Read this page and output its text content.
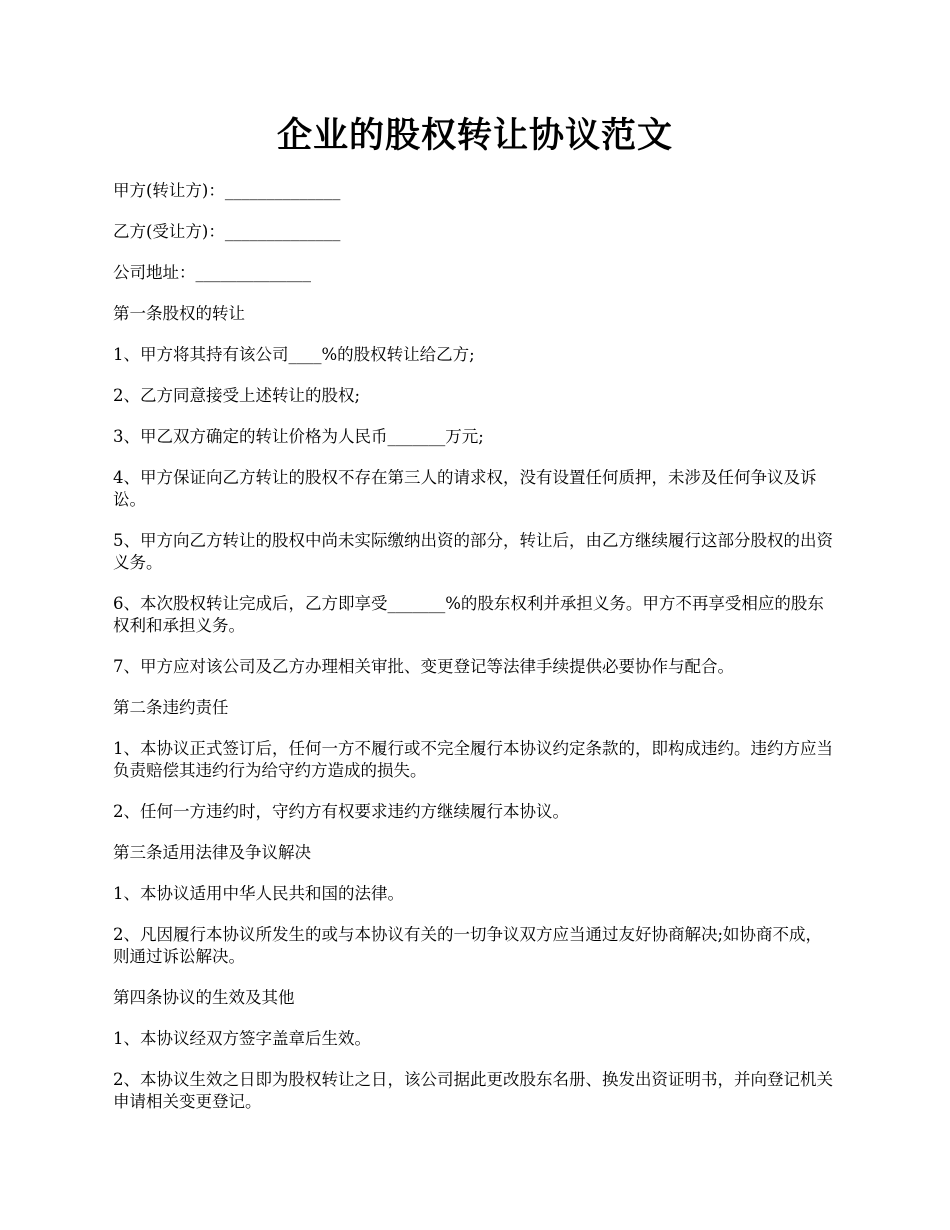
企业的股权转让协议范文

甲方(转让方)：______________

乙方(受让方)：______________

公司地址：______________

第一条股权的转让

1、甲方将其持有该公司____%的股权转让给乙方;

2、乙方同意接受上述转让的股权;

3、甲乙双方确定的转让价格为人民币_______万元;

4、甲方保证向乙方转让的股权不存在第三人的请求权，没有设置任何质押，未涉及任何争议及诉讼。

5、甲方向乙方转让的股权中尚未实际缴纳出资的部分，转让后，由乙方继续履行这部分股权的出资义务。

6、本次股权转让完成后，乙方即享受_______%的股东权利并承担义务。甲方不再享受相应的股东权利和承担义务。

7、甲方应对该公司及乙方办理相关审批、变更登记等法律手续提供必要协作与配合。

第二条违约责任

1、本协议正式签订后，任何一方不履行或不完全履行本协议约定条款的，即构成违约。违约方应当负责赔偿其违约行为给守约方造成的损失。

2、任何一方违约时，守约方有权要求违约方继续履行本协议。

第三条适用法律及争议解决

1、本协议适用中华人民共和国的法律。

2、凡因履行本协议所发生的或与本协议有关的一切争议双方应当通过友好协商解决;如协商不成，则通过诉讼解决。

第四条协议的生效及其他

1、本协议经双方签字盖章后生效。

2、本协议生效之日即为股权转让之日，该公司据此更改股东名册、换发出资证明书，并向登记机关申请相关变更登记。
